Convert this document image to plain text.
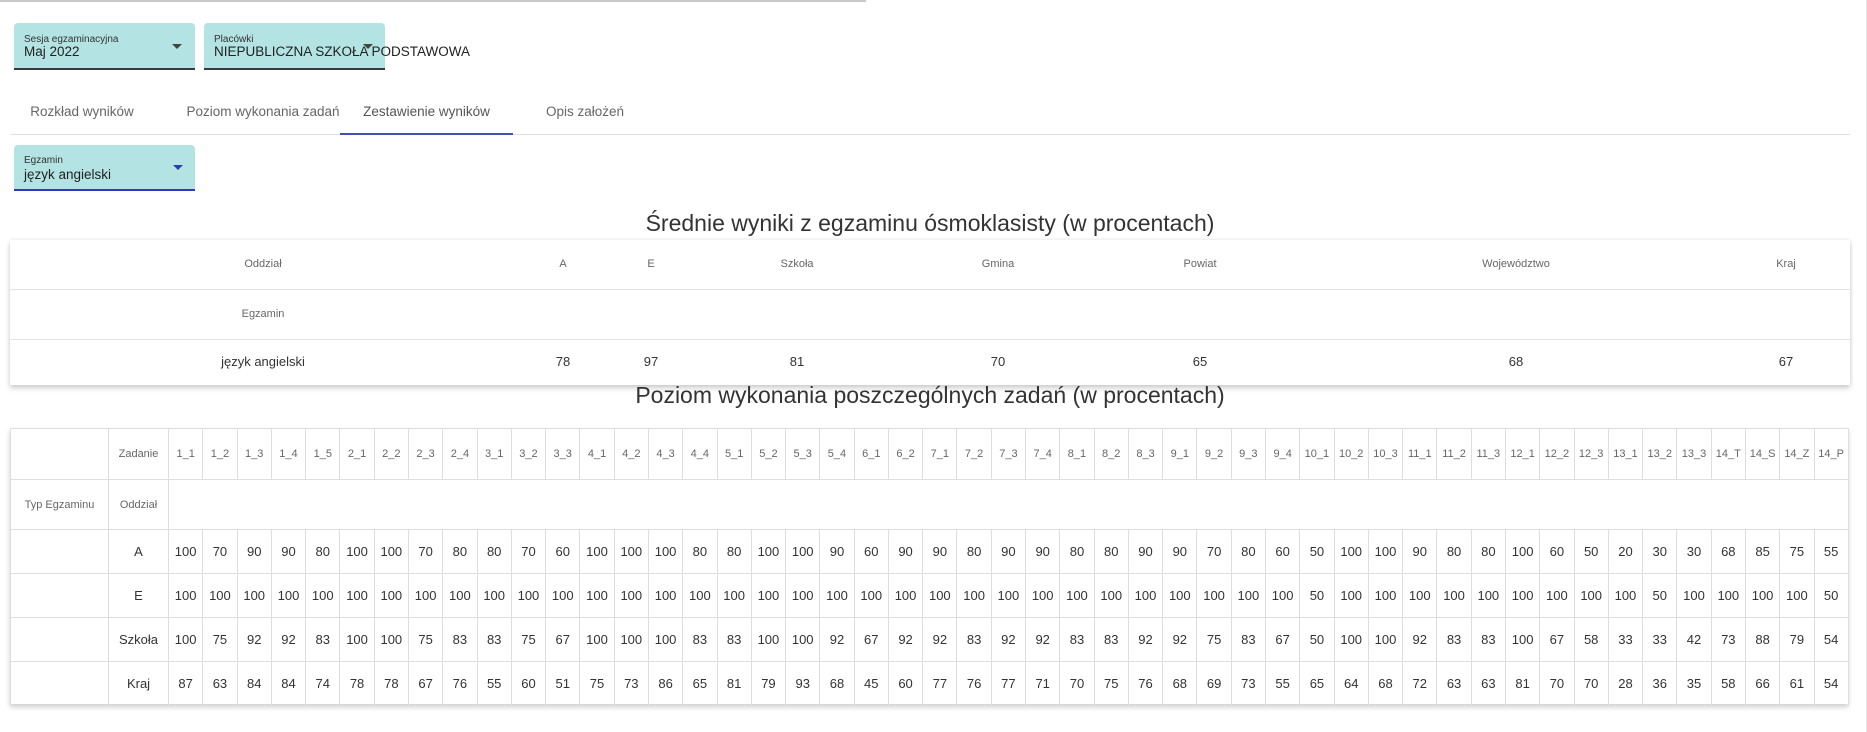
Sesja egzaminacyjna
Maj 2022
Placówki
NIEPUBLICZNA SZKOŁA PODSTAWOWA
Rozkład wyników	Poziom wykonania zadań	Zestawienie wyników	Opis założeń
Egzamin
język angielski
Średnie wyniki z egzaminu ósmoklasisty (w procentach)
Oddział	A	E	Szkoła	Gmina	Powiat	Województwo	Kraj
Egzamin
język angielski	78	97	81	70	65	68	67
Poziom wykonania poszczególnych zadań (w procentach)
	Zadanie	1_1	1_2	1_3	1_4	1_5	2_1	2_2	2_3	2_4	3_1	3_2	3_3	4_1	4_2	4_3	4_4	5_1	5_2	5_3	5_4	6_1	6_2	7_1	7_2	7_3	7_4	8_1	8_2	8_3	9_1	9_2	9_3	9_4	10_1	10_2	10_3	11_1	11_2	11_3	12_1	12_2	12_3	13_1	13_2	13_3	14_T	14_S	14_Z	14_P
Typ Egzaminu	Oddział																																																	
	A	100	70	90	90	80	100	100	70	80	80	70	60	100	100	100	80	80	100	100	90	60	90	90	80	90	90	80	80	90	90	70	80	60	50	100	100	90	80	80	100	60	50	20	30	30	68	85	75	55
	E	100	100	100	100	100	100	100	100	100	100	100	100	100	100	100	100	100	100	100	100	100	100	100	100	100	100	100	100	100	100	100	100	100	50	100	100	100	100	100	100	100	100	100	50	100	100	100	100	50
	Szkoła	100	75	92	92	83	100	100	75	83	83	75	67	100	100	100	83	83	100	100	92	67	92	92	83	92	92	83	83	92	92	75	83	67	50	100	100	92	83	83	100	67	58	33	33	42	73	88	79	54
	Kraj	87	63	84	84	74	78	78	67	76	55	60	51	75	73	86	65	81	79	93	68	45	60	77	76	77	71	70	75	76	68	69	73	55	65	64	68	72	63	63	81	70	70	28	36	35	58	66	61	54
